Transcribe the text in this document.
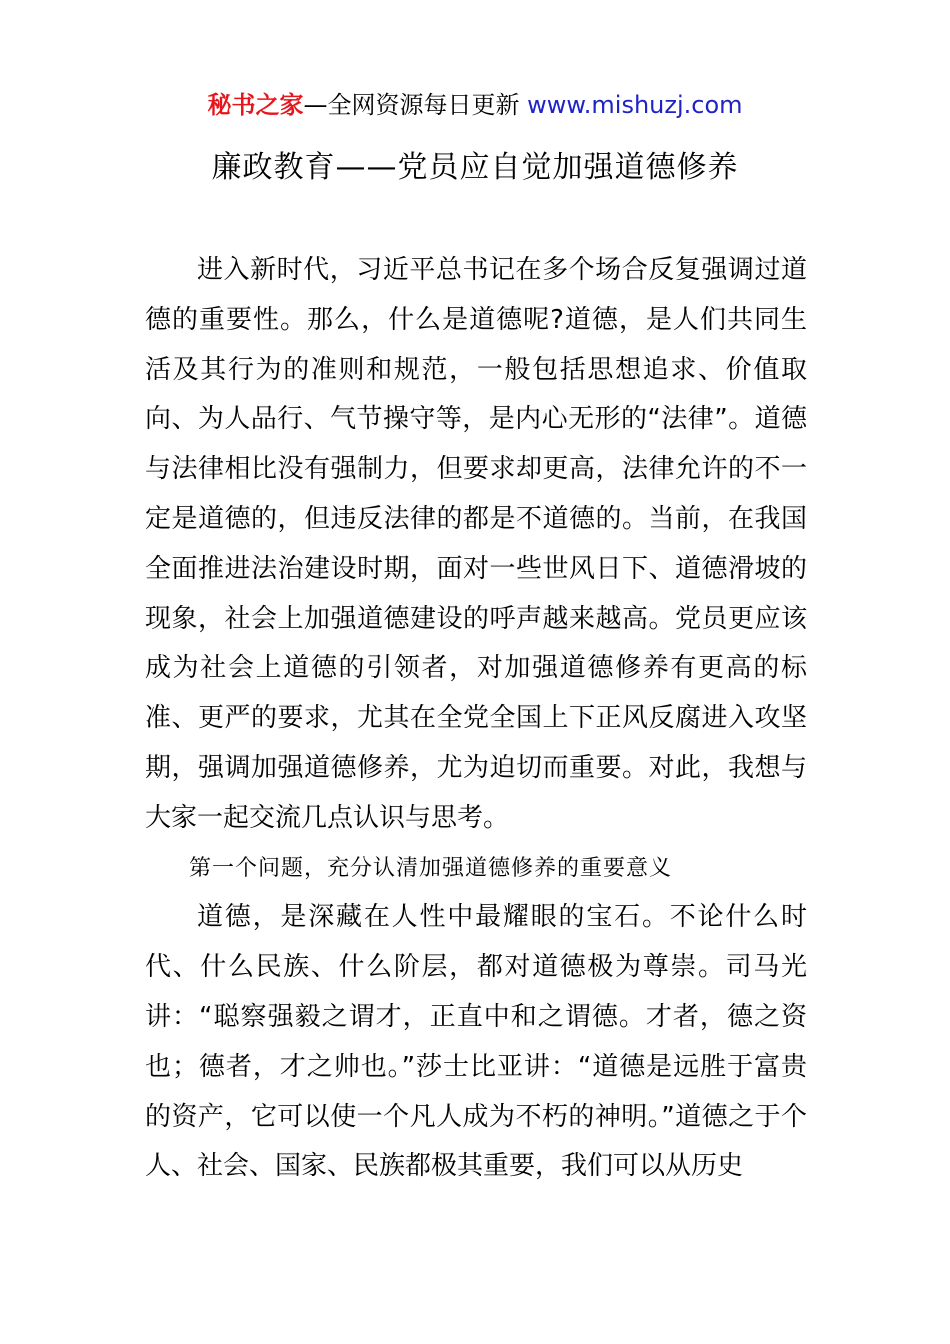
秘书之家—全网资源每日更新 www.mishuzj.com
廉政教育——党员应自觉加强道德修养

进入新时代，习近平总书记在多个场合反复强调过道德的重要性。那么，什么是道德呢?道德，是人们共同生活及其行为的准则和规范，一般包括思想追求、价值取向、为人品行、气节操守等，是内心无形的“法律”。道德与法律相比没有强制力，但要求却更高，法律允许的不一定是道德的，但违反法律的都是不道德的。当前，在我国全面推进法治建设时期，面对一些世风日下、道德滑坡的现象，社会上加强道德建设的呼声越来越高。党员更应该成为社会上道德的引领者，对加强道德修养有更高的标准、更严的要求，尤其在全党全国上下正风反腐进入攻坚期，强调加强道德修养，尤为迫切而重要。对此，我想与大家一起交流几点认识与思考。

第一个问题，充分认清加强道德修养的重要意义

道德，是深藏在人性中最耀眼的宝石。不论什么时代、什么民族、什么阶层，都对道德极为尊崇。司马光讲：“聪察强毅之谓才，正直中和之谓德。才者，德之资也；德者，才之帅也。”莎士比亚讲：“道德是远胜于富贵的资产，它可以使一个凡人成为不朽的神明。”道德之于个人、社会、国家、民族都极其重要，我们可以从历史
